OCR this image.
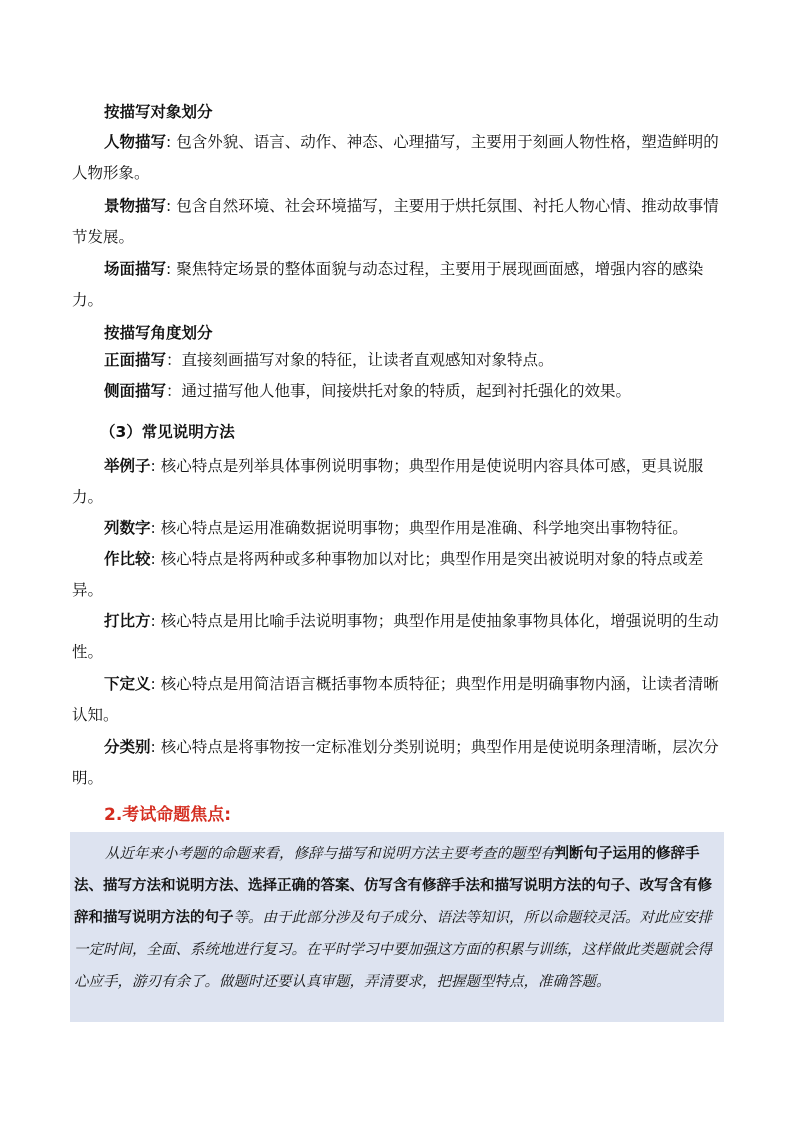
按描写对象划分

人物描写: 包含外貌、语言、动作、神态、心理描写，主要用于刻画人物性格，塑造鲜明的人物形象。

景物描写: 包含自然环境、社会环境描写，主要用于烘托氛围、衬托人物心情、推动故事情节发展。

场面描写: 聚焦特定场景的整体面貌与动态过程，主要用于展现画面感，增强内容的感染力。

按描写角度划分

正面描写：直接刻画描写对象的特征，让读者直观感知对象特点。

侧面描写：通过描写他人他事，间接烘托对象的特质，起到衬托强化的效果。

（3）常见说明方法

举例子: 核心特点是列举具体事例说明事物；典型作用是使说明内容具体可感，更具说服力。

列数字: 核心特点是运用准确数据说明事物；典型作用是准确、科学地突出事物特征。

作比较: 核心特点是将两种或多种事物加以对比；典型作用是突出被说明对象的特点或差异。

打比方: 核心特点是用比喻手法说明事物；典型作用是使抽象事物具体化，增强说明的生动性。

下定义: 核心特点是用简洁语言概括事物本质特征；典型作用是明确事物内涵，让读者清晰认知。

分类别: 核心特点是将事物按一定标准划分类别说明；典型作用是使说明条理清晰，层次分明。

2.考试命题焦点:

从近年来小考题的命题来看，修辞与描写和说明方法主要考查的题型有判断句子运用的修辞手法、描写方法和说明方法、选择正确的答案、仿写含有修辞手法和描写说明方法的句子、改写含有修辞和描写说明方法的句子等。由于此部分涉及句子成分、语法等知识，所以命题较灵活。对此应安排一定时间，全面、系统地进行复习。在平时学习中要加强这方面的积累与训练，这样做此类题就会得心应手，游刃有余了。做题时还要认真审题，弄清要求，把握题型特点，准确答题。
